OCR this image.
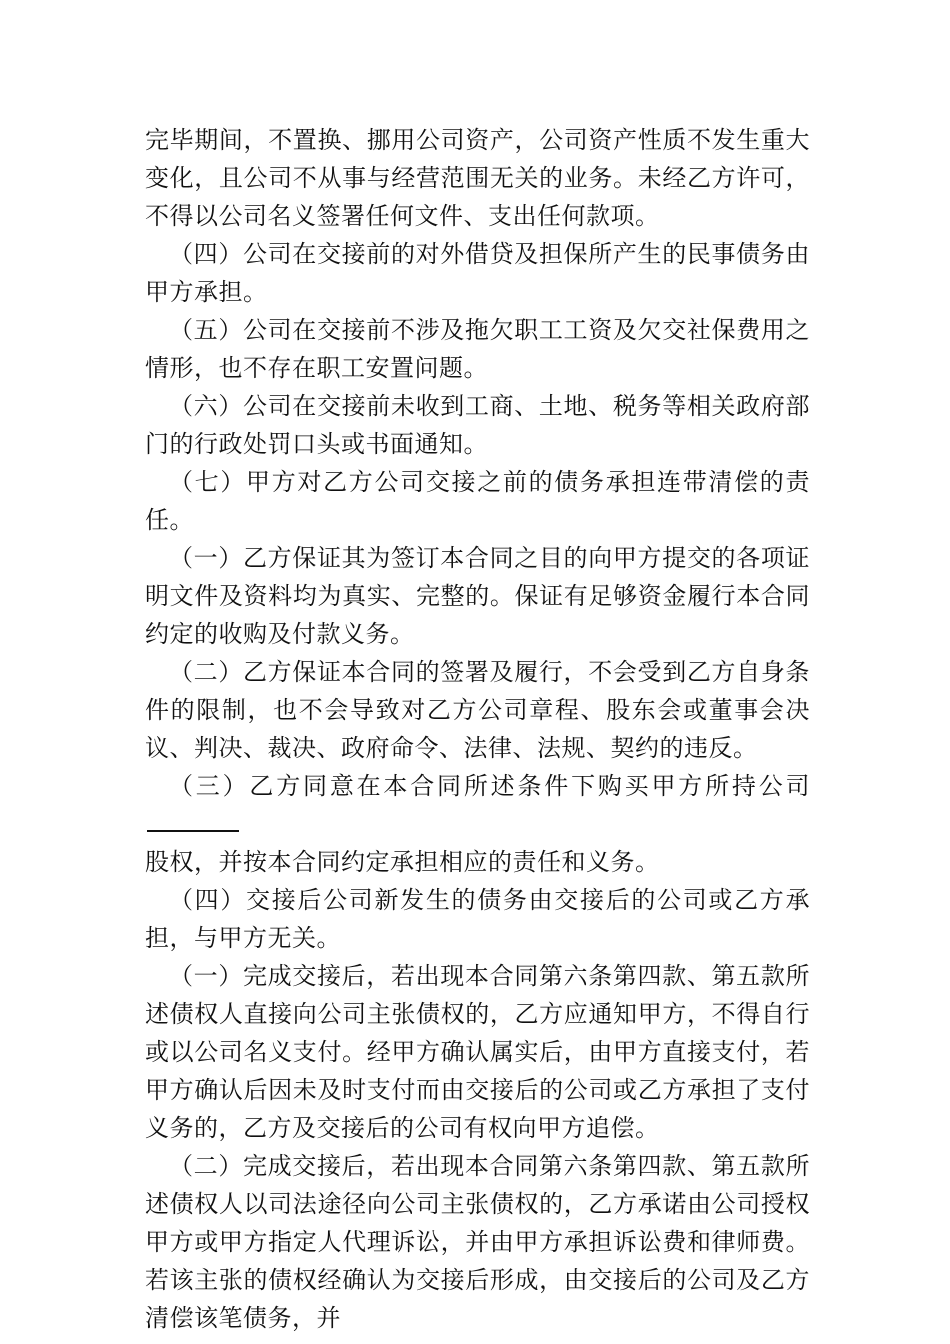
完毕期间，不置换、挪用公司资产，公司资产性质不发生重大变化，且公司不从事与经营范围无关的业务。未经乙方许可，不得以公司名义签署任何文件、支出任何款项。

（四）公司在交接前的对外借贷及担保所产生的民事债务由甲方承担。

（五）公司在交接前不涉及拖欠职工工资及欠交社保费用之情形，也不存在职工安置问题。

（六）公司在交接前未收到工商、土地、税务等相关政府部门的行政处罚口头或书面通知。

（七）甲方对乙方公司交接之前的债务承担连带清偿的责任。

（一）乙方保证其为签订本合同之目的向甲方提交的各项证明文件及资料均为真实、完整的。保证有足够资金履行本合同约定的收购及付款义务。

（二）乙方保证本合同的签署及履行，不会受到乙方自身条件的限制，也不会导致对乙方公司章程、股东会或董事会决议、判决、裁决、政府命令、法律、法规、契约的违反。

（三）乙方同意在本合同所述条件下购买甲方所持公司
股权，并按本合同约定承担相应的责任和义务。

（四）交接后公司新发生的债务由交接后的公司或乙方承担，与甲方无关。

（一）完成交接后，若出现本合同第六条第四款、第五款所述债权人直接向公司主张债权的，乙方应通知甲方，不得自行或以公司名义支付。经甲方确认属实后，由甲方直接支付，若甲方确认后因未及时支付而由交接后的公司或乙方承担了支付义务的，乙方及交接后的公司有权向甲方追偿。

（二）完成交接后，若出现本合同第六条第四款、第五款所述债权人以司法途径向公司主张债权的，乙方承诺由公司授权甲方或甲方指定人代理诉讼，并由甲方承担诉讼费和律师费。若该主张的债权经确认为交接后形成，由交接后的公司及乙方清偿该笔债务，并
